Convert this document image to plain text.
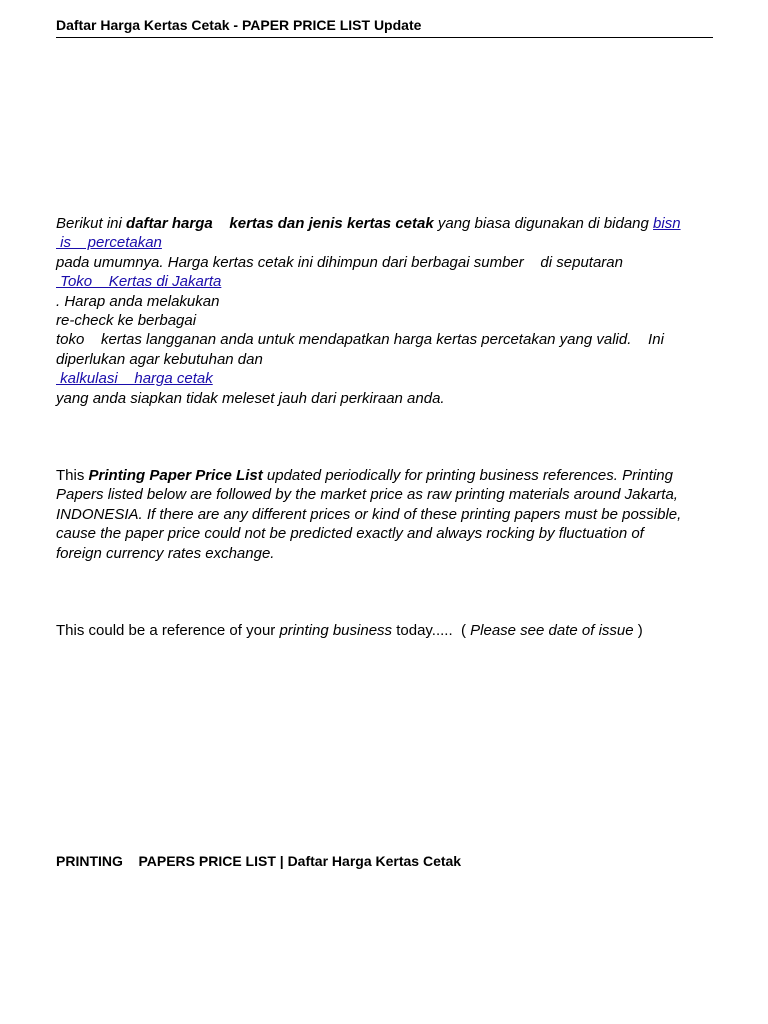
Daftar Harga Kertas Cetak - PAPER PRICE LIST Update
Berikut ini daftar harga    kertas dan jenis kertas cetak yang biasa digunakan di bidang bisn
is    percetakan
pada umumnya. Harga kertas cetak ini dihimpun dari berbagai sumber    di seputaran
Toko    Kertas di Jakarta
. Harap anda melakukan
re-check ke berbagai
toko    kertas langganan anda untuk mendapatkan harga kertas percetakan yang valid.    Ini
diperlukan agar kebutuhan dan
kalkulasi    harga cetak
yang anda siapkan tidak meleset jauh dari perkiraan anda.
This Printing Paper Price List updated periodically for printing business references. Printing
Papers listed below are followed by the market price as raw printing materials around Jakarta,
INDONESIA. If there are any different prices or kind of these printing papers must be possible,
cause the paper price could not be predicted exactly and always rocking by fluctuation of
foreign currency rates exchange.
This could be a reference of your printing business today.....  ( Please see date of issue )
PRINTING    PAPERS PRICE LIST | Daftar Harga Kertas Cetak
